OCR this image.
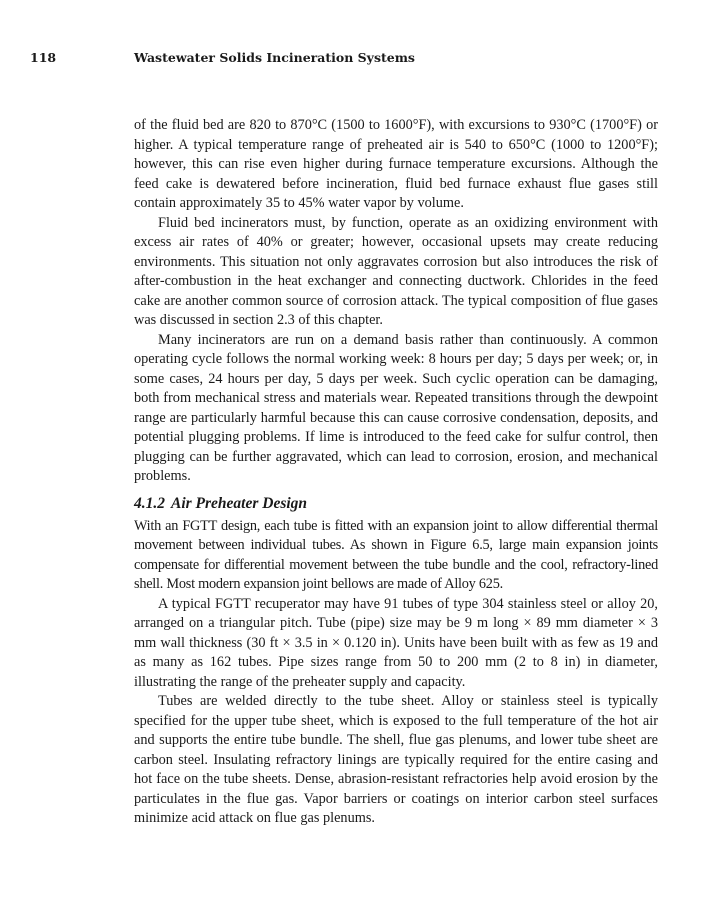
118	Wastewater Solids Incineration Systems

of the fluid bed are 820 to 870°C (1500 to 1600°F), with excursions to 930°C (1700°F) or higher. A typical temperature range of preheated air is 540 to 650°C (1000 to 1200°F); however, this can rise even higher during furnace temperature excursions. Although the feed cake is dewatered before incineration, fluid bed furnace exhaust flue gases still contain approximately 35 to 45% water vapor by volume.

Fluid bed incinerators must, by function, operate as an oxidizing environment with excess air rates of 40% or greater; however, occasional upsets may create reducing environments. This situation not only aggravates corrosion but also introduces the risk of after-combustion in the heat exchanger and connecting ductwork. Chlorides in the feed cake are another common source of corrosion attack. The typical composition of flue gases was discussed in section 2.3 of this chapter.

Many incinerators are run on a demand basis rather than continuously. A common operating cycle follows the normal working week: 8 hours per day; 5 days per week; or, in some cases, 24 hours per day, 5 days per week. Such cyclic operation can be damaging, both from mechanical stress and materials wear. Repeated transitions through the dewpoint range are particularly harmful because this can cause corrosive condensation, deposits, and potential plugging problems. If lime is introduced to the feed cake for sulfur control, then plugging can be further aggravated, which can lead to corrosion, erosion, and mechanical problems.

4.1.2 Air Preheater Design

With an FGTT design, each tube is fitted with an expansion joint to allow differential thermal movement between individual tubes. As shown in Figure 6.5, large main expansion joints compensate for differential movement between the tube bundle and the cool, refractory-lined shell. Most modern expansion joint bellows are made of Alloy 625.

A typical FGTT recuperator may have 91 tubes of type 304 stainless steel or alloy 20, arranged on a triangular pitch. Tube (pipe) size may be 9 m long × 89 mm diameter × 3 mm wall thickness (30 ft × 3.5 in × 0.120 in). Units have been built with as few as 19 and as many as 162 tubes. Pipe sizes range from 50 to 200 mm (2 to 8 in) in diameter, illustrating the range of the preheater supply and capacity.

Tubes are welded directly to the tube sheet. Alloy or stainless steel is typically specified for the upper tube sheet, which is exposed to the full temperature of the hot air and supports the entire tube bundle. The shell, flue gas plenums, and lower tube sheet are carbon steel. Insulating refractory linings are typically required for the entire casing and hot face on the tube sheets. Dense, abrasion-resistant refractories help avoid erosion by the particulates in the flue gas. Vapor barriers or coatings on interior carbon steel surfaces minimize acid attack on flue gas plenums.
